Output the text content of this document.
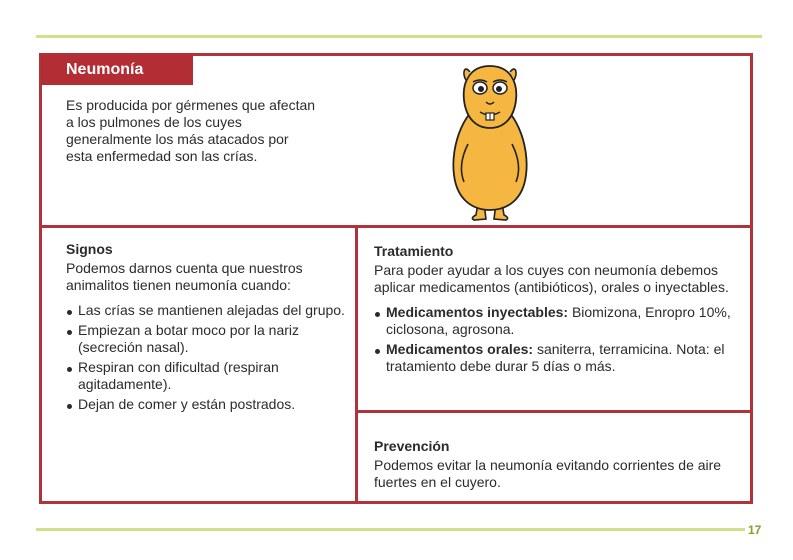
Neumonía
Es producida por gérmenes que afectan a los pulmones de los cuyes generalmente los más atacados por esta enfermedad son las crías.
Signos

Podemos darnos cuenta que nuestros animalitos tienen neumonía cuando:

Las crías se mantienen alejadas del grupo.
Empiezan a botar moco por la nariz (secreción nasal).
Respiran con dificultad (respiran agitadamente).
Dejan de comer y están postrados.
Tratamiento

Para poder ayudar a los cuyes con neumonía debemos aplicar medicamentos (antibióticos), orales o inyectables.

Medicamentos inyectables: Biomizona, Enropro 10%, ciclosona, agrosona.
Medicamentos orales: saniterra, terramicina. Nota: el tratamiento debe durar 5 días o más.
Prevención

Podemos evitar la neumonía evitando corrientes de aire fuertes en el cuyero.

17
